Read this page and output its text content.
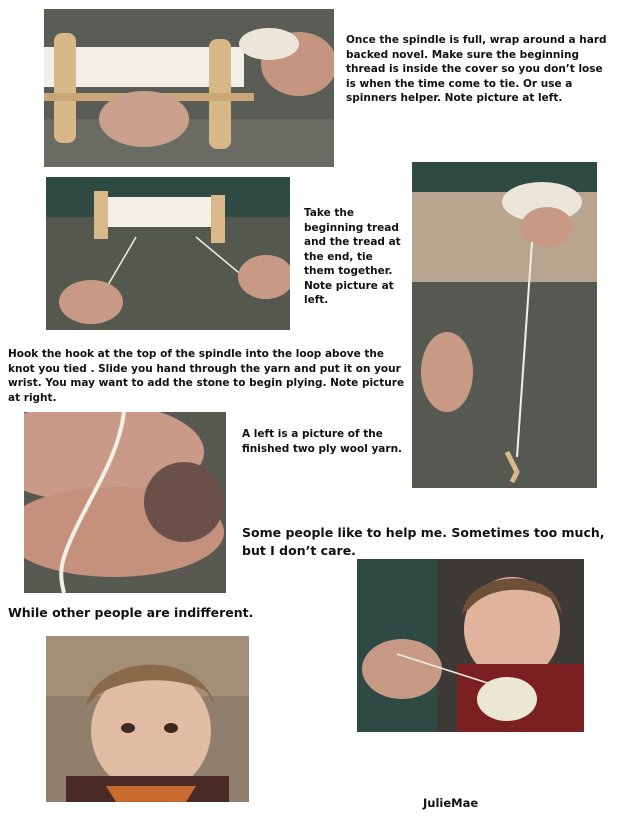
Once the spindle is full, wrap around a hard backed novel. Make sure the beginning thread is inside the cover so you don’t lose is when the time come to tie. Or use a spinners helper. Note picture at left.
Take the beginning tread and the tread at the end, tie them together. Note picture at left.
Hook the hook at the top of the spindle into the loop above the knot you tied . Slide you hand through the yarn and put it on your wrist. You may want to add the stone to begin plying. Note picture at right.
A left is a picture of the finished two ply wool yarn.
Some people like to help me. Sometimes too much, but I don’t care.
While other people are indifferent.
JulieMae
